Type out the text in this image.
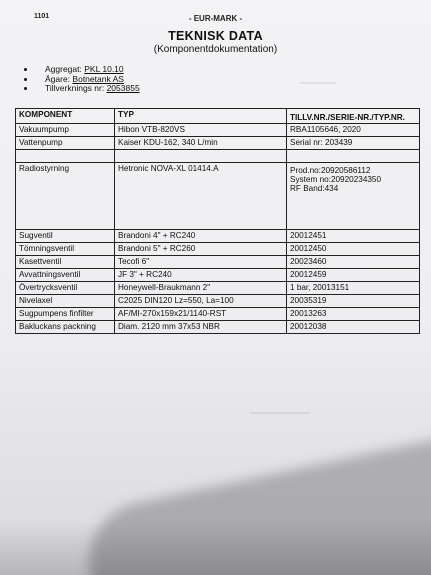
▬▬▬▬▬▬
▬▬▬▬▬▬▬▬▬▬
1101	- EUR-MARK -
TEKNISK DATA
(Komponentdokumentation)
Aggregat: PKL 10.10
Ägare: Botnetank AS
Tillverknings nr: 2053855
KOMPONENT	TYP	TILLV.NR./SERIE-NR./TYP.NR.
Vakuumpump	Hibon VTB-820VS	RBA1105646, 2020
Vattenpump	Kaiser KDU-162, 340 L/min	Serial nr: 203439

Radiostyrning	Hetronic NOVA-XL 01414.A	Prod.no:20920586112
System no:20920234350
RF Band:434

Sugventil	Brandoni 4" + RC240	20012451
Tömningsventil	Brandoni 5" + RC260	20012450
Kasettventil	Tecofi 6"	20023460
Avvattningsventil	JF 3" + RC240	20012459
Övertrycksventil	Honeywell-Braukmann 2"	1 bar, 20013151
Nivelaxel	C2025 DIN120 Lz=550, La=100	20035319
Sugpumpens finfilter	AF/MI-270x159x21/1140-RST	20013263
Bakluckans packning	Diam. 2120 mm 37x53 NBR	20012038
